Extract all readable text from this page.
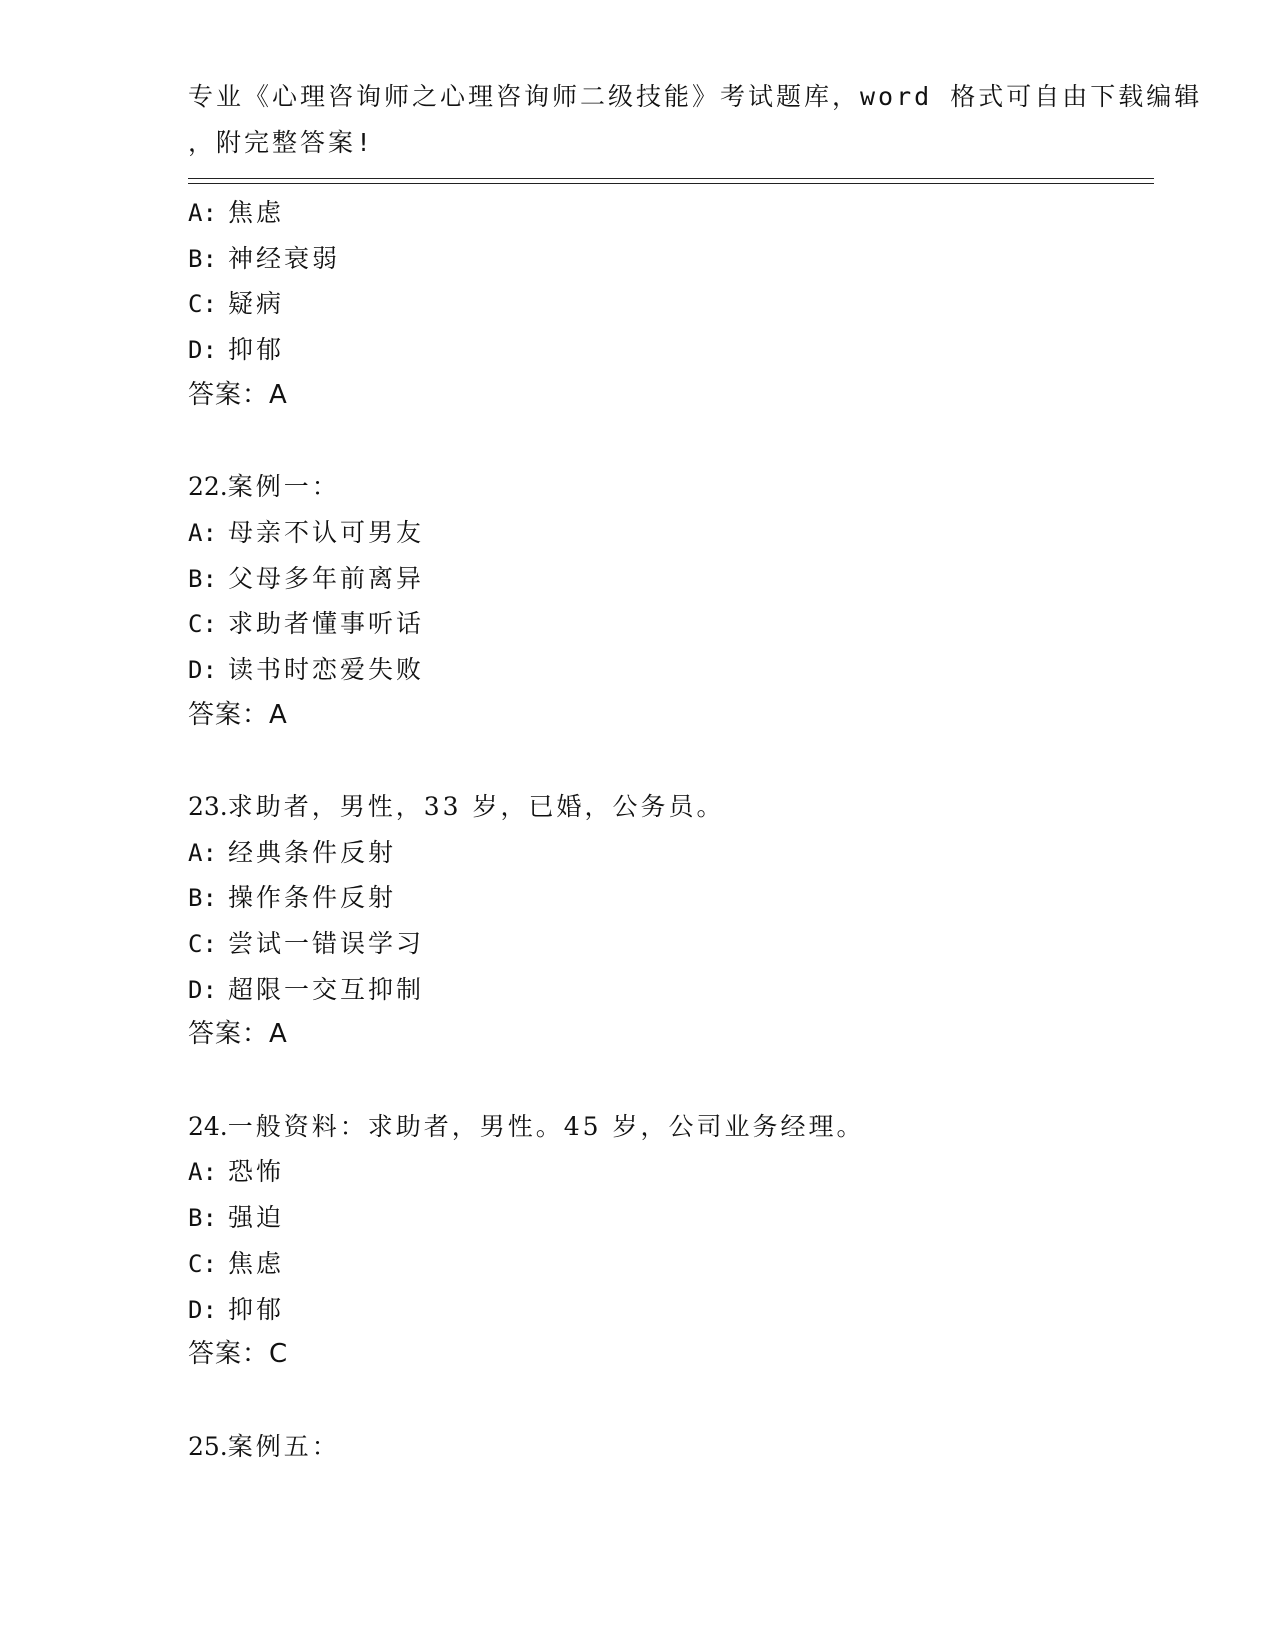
专业《心理咨询师之心理咨询师二级技能》考试题库，word 格式可自由下载编辑
，附完整答案!
A: 焦虑
B: 神经衰弱
C: 疑病
D: 抑郁
答案：A
22.案例一：
A: 母亲不认可男友
B: 父母多年前离异
C: 求助者懂事听话
D: 读书时恋爱失败
答案：A
23.求助者，男性，33 岁，已婚，公务员。
A: 经典条件反射
B: 操作条件反射
C: 尝试一错误学习
D: 超限一交互抑制
答案：A
24.一般资料：求助者，男性。45 岁，公司业务经理。
A: 恐怖
B: 强迫
C: 焦虑
D: 抑郁
答案：C
25.案例五：
